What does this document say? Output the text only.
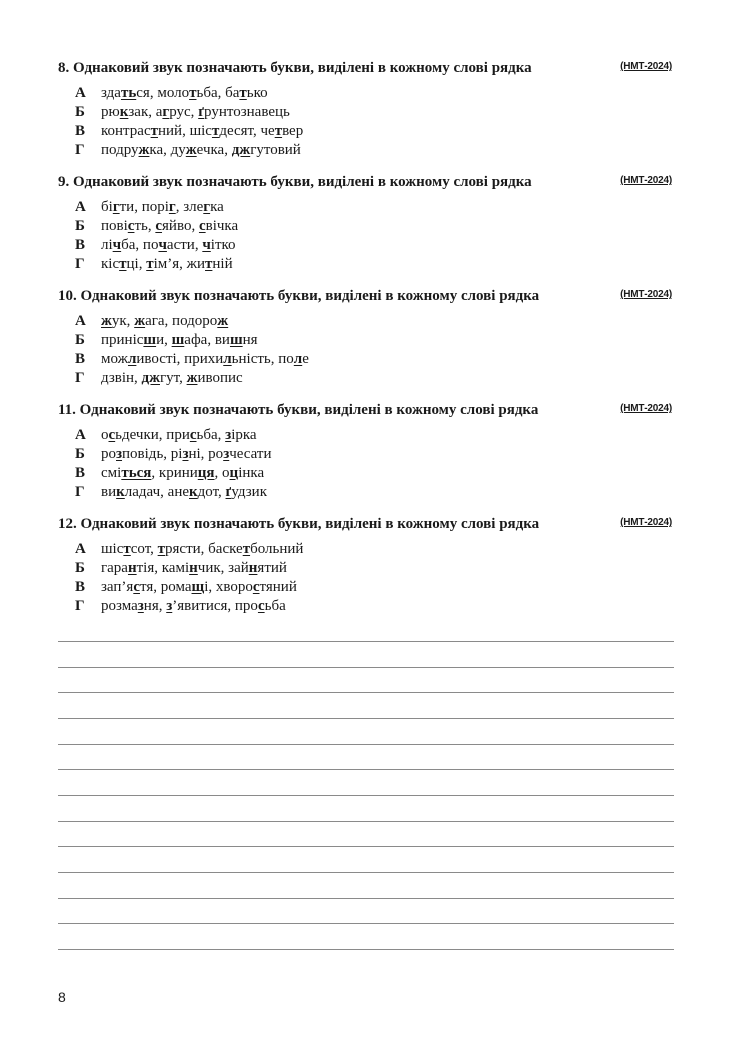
8. Однаковий звук позначають букви, виділені в кожному слові рядка	(НМТ-2024)
А здаться, молотьба, батько
Б рюкзак, агрус, ґрунтознавець
В контрастний, шістдесят, четвер
Г подружка, дужечка, джгутовий
9. Однаковий звук позначають букви, виділені в кожному слові рядка	(НМТ-2024)
А бігти, поріг, злегка
Б повість, сяйво, свічка
В лічба, почасти, чітко
Г кістці, тім’я, житній
10. Однаковий звук позначають букви, виділені в кожному слові рядка	(НМТ-2024)
А жук, жага, подорож
Б принісши, шафа, вишня
В можливості, прихильність, поле
Г дзвін, джгут, живопис
11. Однаковий звук позначають букви, виділені в кожному слові рядка	(НМТ-2024)
А осьдечки, присьба, зірка
Б розповідь, різні, розчесати
В сміться, криниця, оцінка
Г викладач, анекдот, ґудзик
12. Однаковий звук позначають букви, виділені в кожному слові рядка	(НМТ-2024)
А шістсот, трясти, баскетбольний
Б гарантія, камінчик, зайнятий
В зап’ястя, ромащі, хворостяний
Г розмазня, з’явитися, просьба
8
